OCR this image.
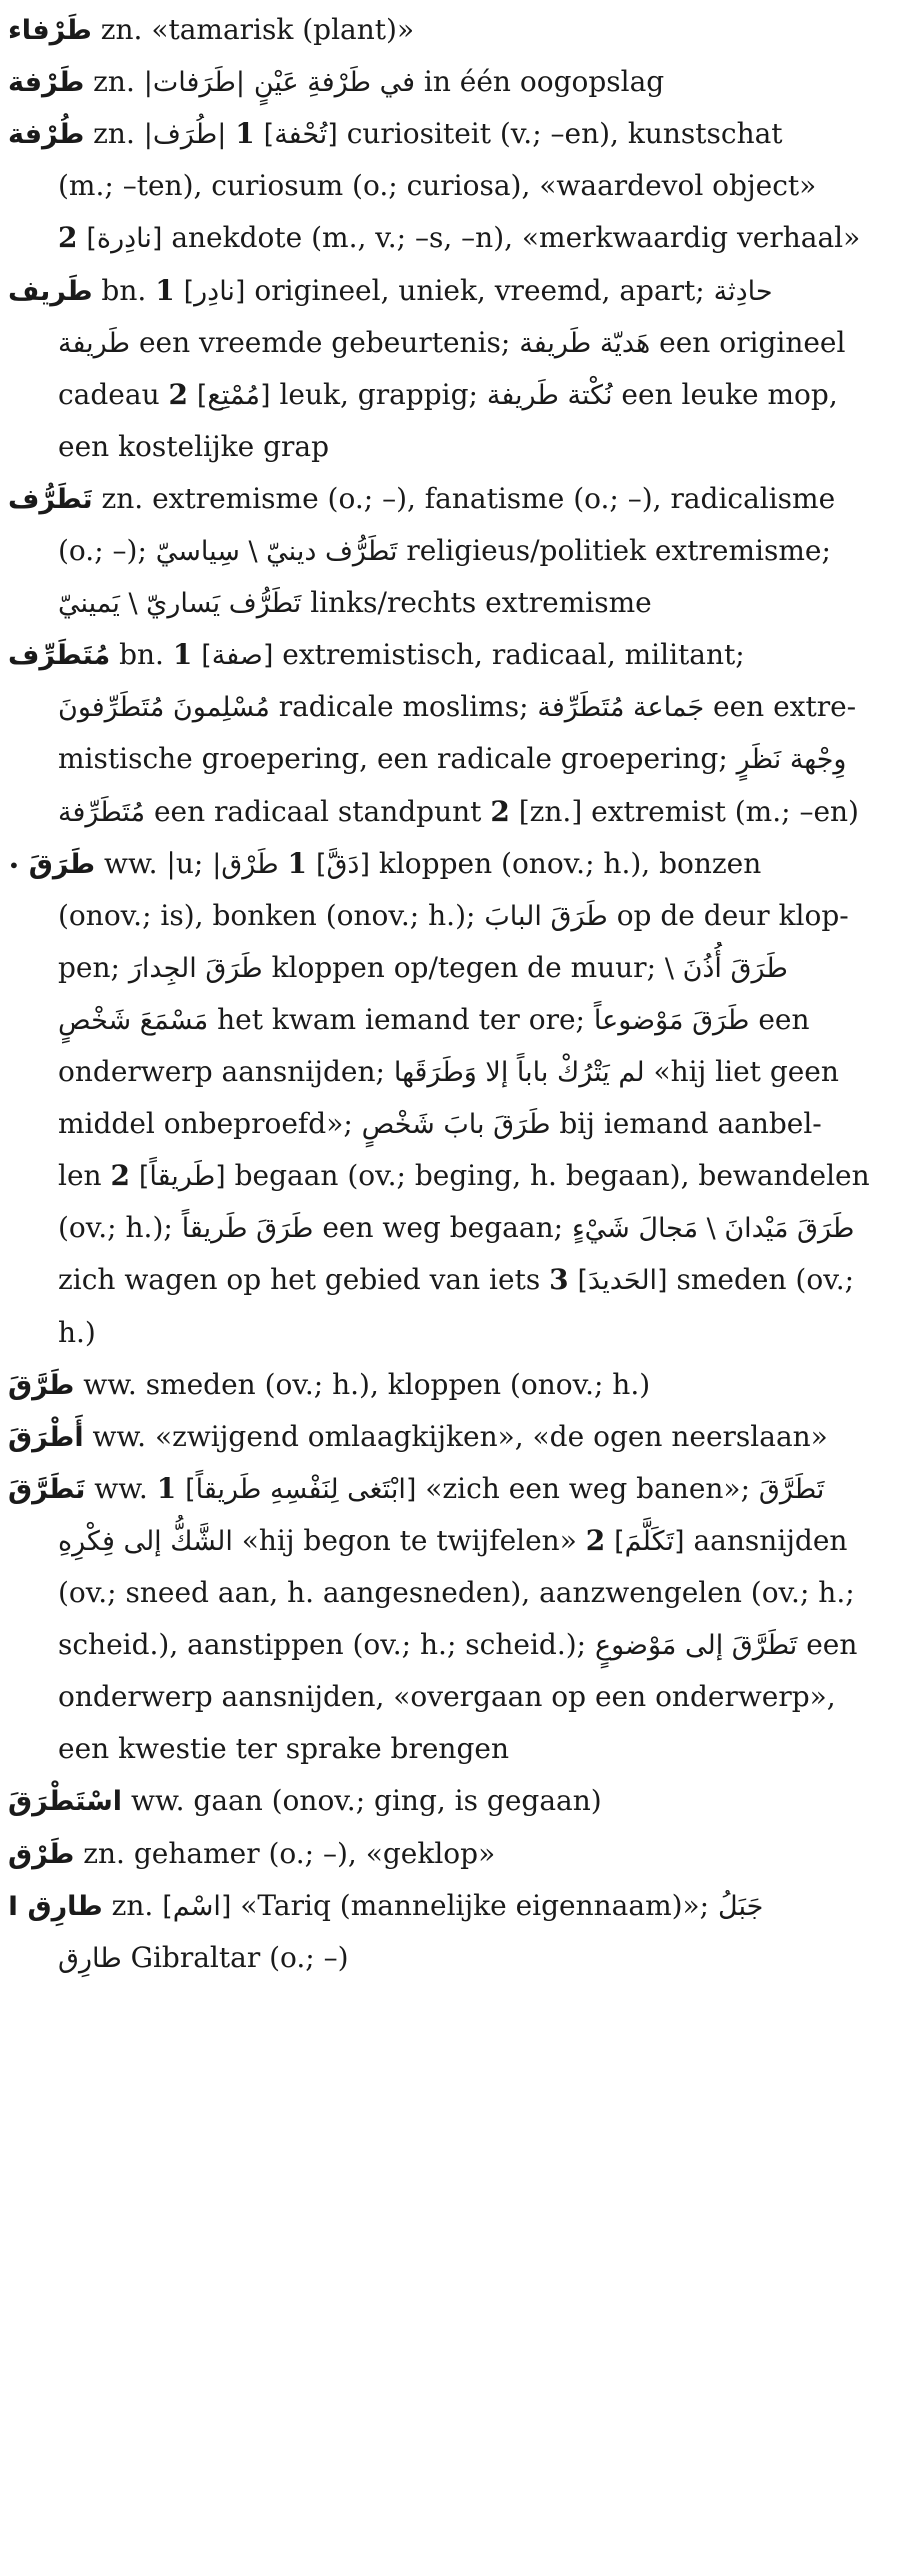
طَرْفاء zn. «tamarisk (plant)»
طَرْفة zn. |طَرَفات| في طَرْفةِ عَيْنٍ in één oogopslag
طُرْفة zn. |طُرَف| 1 [تُحْفة] curiositeit (v.; –en), kunstschat
(m.; –ten), curiosum (o.; curiosa), «waardevol object»
2 [نادِرة] anekdote (m., v.; –s, –n), «merkwaardig verhaal»
طَريف bn. 1 [نادِر] origineel, uniek, vreemd, apart; حادِثة
طَريفة een vreemde gebeurtenis; هَديّة طَريفة een origineel
cadeau 2 [مُمْتِع] leuk, grappig; نُكْتة طَريفة een leuke mop,
een kostelijke grap
تَطَرُّف zn. extremisme (o.; –), fanatisme (o.; –), radicalisme
(o.; –); تَطَرُّف دينيّ \ سِياسيّ religieus/politiek extremisme;
تَطَرُّف يَساريّ \ يَمينيّ links/rechts extremisme
مُتَطَرِّف bn. 1 [صفة] extremistisch, radicaal, militant;
مُسْلِمونَ مُتَطَرِّفونَ radicale moslims; جَماعة مُتَطَرِّفة een extre-
mistische groepering, een radicale groepering; وِجْهة نَظَرٍ
مُتَطَرِّفة een radicaal standpunt 2 [zn.] extremist (m.; –en)
• طَرَقَ ww. |u; طَرْق| 1 [دَقَّ] kloppen (onov.; h.), bonzen
(onov.; is), bonken (onov.; h.); طَرَقَ البابَ op de deur klop-
pen; طَرَقَ الجِدارَ kloppen op/tegen de muur; طَرَقَ أُذُنَ \
مَسْمَعَ شَخْصٍ het kwam iemand ter ore; طَرَقَ مَوْضوعاً een
onderwerp aansnijden; لم يَتْرُكْ باباً إلا وَطَرَقَها «hij liet geen
middel onbeproefd»; طَرَقَ بابَ شَخْصٍ bij iemand aanbel-
len 2 [طَريقاً] begaan (ov.; beging, h. begaan), bewandelen
(ov.; h.); طَرَقَ طَريقاً een weg begaan; طَرَقَ مَيْدانَ \ مَجالَ شَيْءٍ
zich wagen op het gebied van iets 3 [الحَديدَ] smeden (ov.;
h.)
طَرَّقَ ww. smeden (ov.; h.), kloppen (onov.; h.)
أَطْرَقَ ww. «zwijgend omlaagkijken», «de ogen neerslaan»
تَطَرَّقَ ww. 1 [ابْتَغى لِنَفْسِهِ طَريقاً] «zich een weg banen»; تَطَرَّقَ
الشَّكُّ إلى فِكْرِهِ «hij begon te twijfelen» 2 [تَكَلَّمَ] aansnijden
(ov.; sneed aan, h. aangesneden), aanzwengelen (ov.; h.;
scheid.), aanstippen (ov.; h.; scheid.); تَطَرَّقَ إلى مَوْضوعٍ een
onderwerp aansnijden, «overgaan op een onderwerp»,
een kwestie ter sprake brengen
اسْتَطْرَقَ ww. gaan (onov.; ging, is gegaan)
طَرْق zn. gehamer (o.; –), «geklop»
طارِق I zn. [اسْم] «Tariq (mannelijke eigennaam)»; جَبَلُ
طارِق Gibraltar (o.; –)
